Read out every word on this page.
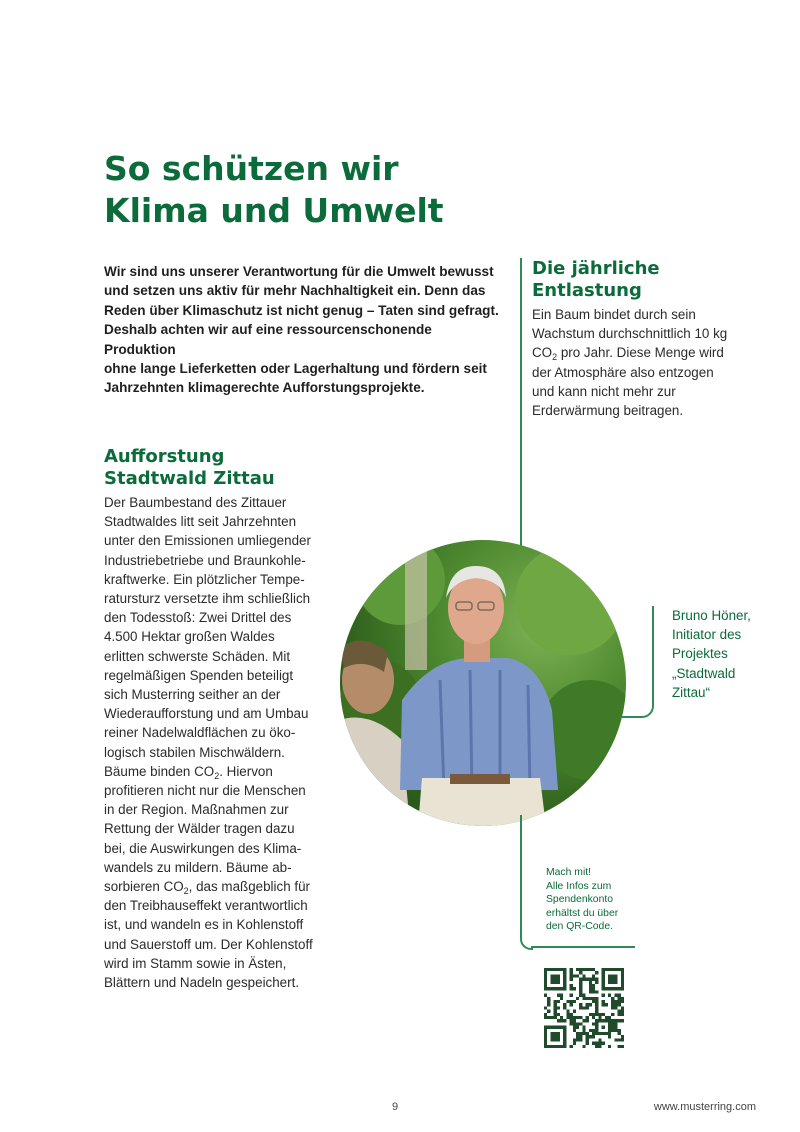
So schützen wir
Klima und Umwelt

Wir sind uns unserer Verantwortung für die Umwelt bewusst
und setzen uns aktiv für mehr Nachhaltigkeit ein. Denn das
Reden über Klimaschutz ist nicht genug – Taten sind gefragt.
Deshalb achten wir auf eine ressourcenschonende Produktion
ohne lange Lieferketten oder Lagerhaltung und fördern seit
Jahrzehnten klimagerechte Aufforstungsprojekte.

Die jährliche
Entlastung

Ein Baum bindet durch sein
Wachstum durchschnittlich 10 kg
$CO_2$ pro Jahr. Diese Menge wird
der Atmosphäre also entzogen
und kann nicht mehr zur
Erderwärmung beitragen.

Aufforstung
Stadtwald Zittau

Der Baumbestand des Zittauer
Stadtwaldes litt seit Jahrzehnten
unter den Emissionen umliegender
Industriebetriebe und Braunkohle-
kraftwerke. Ein plötzlicher Tempe-
ratursturz versetzte ihm schließlich
den Todesstoß: Zwei Drittel des
4.500 Hektar großen Waldes
erlitten schwerste Schäden. Mit
regelmäßigen Spenden beteiligt
sich Musterring seither an der
Wiederaufforstung und am Umbau
reiner Nadelwaldflächen zu öko-
logisch stabilen Mischwäldern.
Bäume binden $CO_2$. Hiervon
profitieren nicht nur die Menschen
in der Region. Maßnahmen zur
Rettung der Wälder tragen dazu
bei, die Auswirkungen des Klima-
wandels zu mildern. Bäume ab-
sorbieren $CO_2$, das maßgeblich für
den Treibhauseffekt verantwortlich
ist, und wandeln es in Kohlenstoff
und Sauerstoff um. Der Kohlenstoff
wird im Stamm sowie in Ästen,
Blättern und Nadeln gespeichert.

Bruno Höner,
Initiator des
Projektes
„Stadtwald
Zittau“

Mach mit!
Alle Infos zum
Spendenkonto
erhältst du über
den QR-Code.

9	www.musterring.com
